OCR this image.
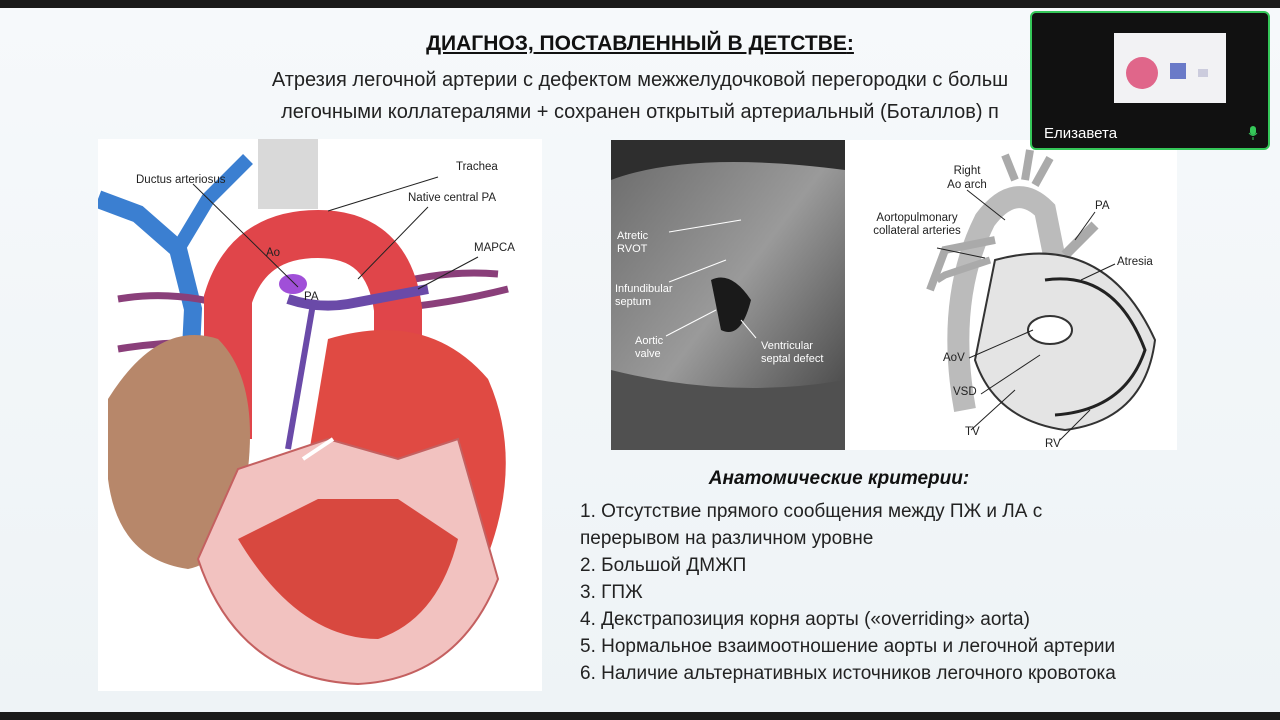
ДИАГНОЗ, ПОСТАВЛЕННЫЙ В ДЕТСТВЕ:
Атрезия легочной артерии с дефектом межжелудочковой перегородки с больш
легочными коллатералями + сохранен открытый артериальный (Боталлов) п
Ductus arteriosus
Trachea
Native central PA
MAPCA
Ao
PA
Atretic RVOT
Infundibular septum
Aortic valve
Ventricular septal defect
Right Ao arch
PA
Aortopulmonary collateral arteries
Atresia
AoV
VSD
TV
RV
Анатомические критерии:
1. Отсутствие прямого сообщения между ПЖ и ЛА с
перерывом на различном уровне
2. Большой ДМЖП
3. ГПЖ
4. Декстрапозиция корня аорты («overriding» aorta)
5. Нормальное взаимоотношение аорты и легочной артерии
6. Наличие альтернативных источников легочного кровотока
Елизавета
